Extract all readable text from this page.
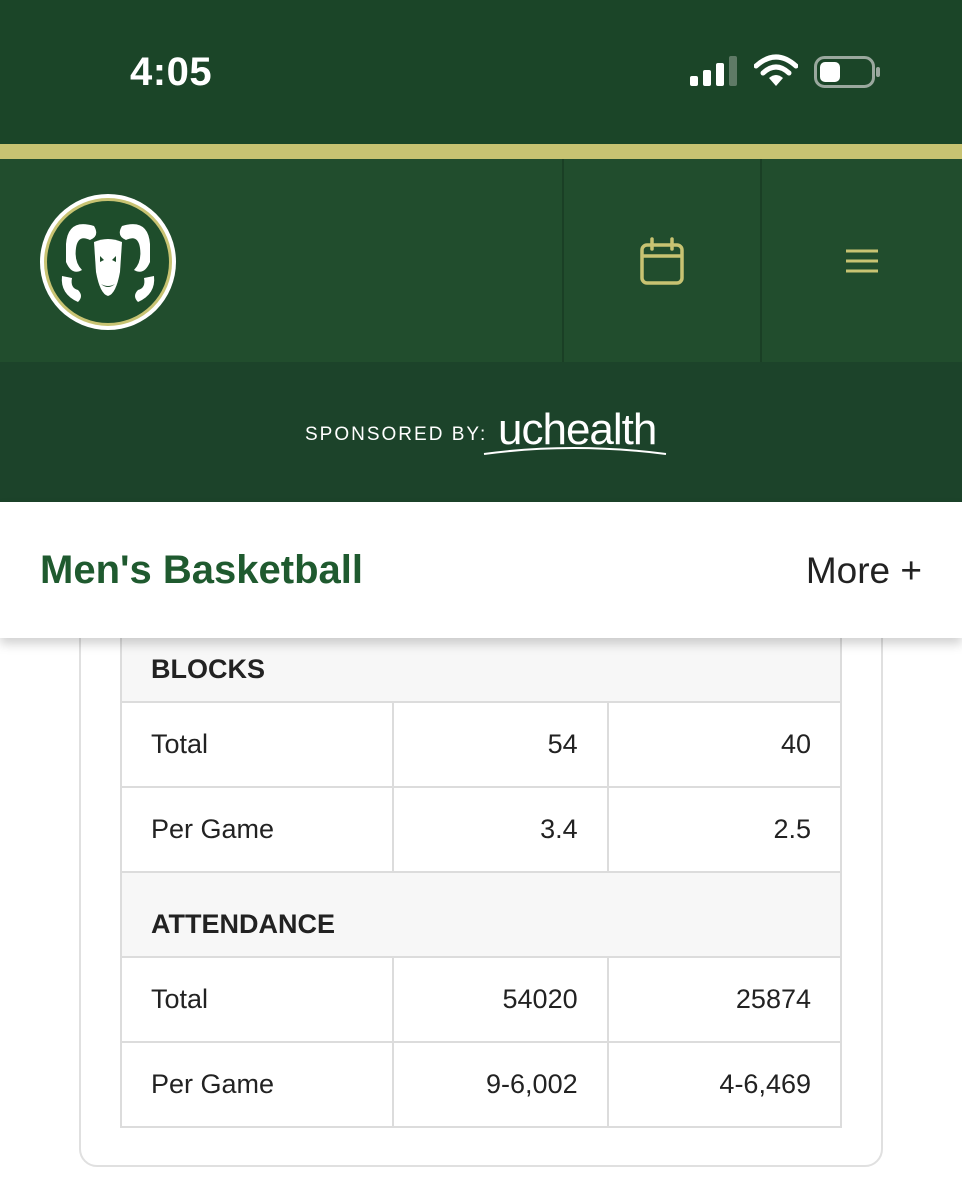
4:05
SPONSORED BY: uchealth
Men's Basketball	More +
BLOCKS		
Total	54	40
Per Game	3.4	2.5
ATTENDANCE		
Total	54020	25874
Per Game	9-6,002	4-6,469
